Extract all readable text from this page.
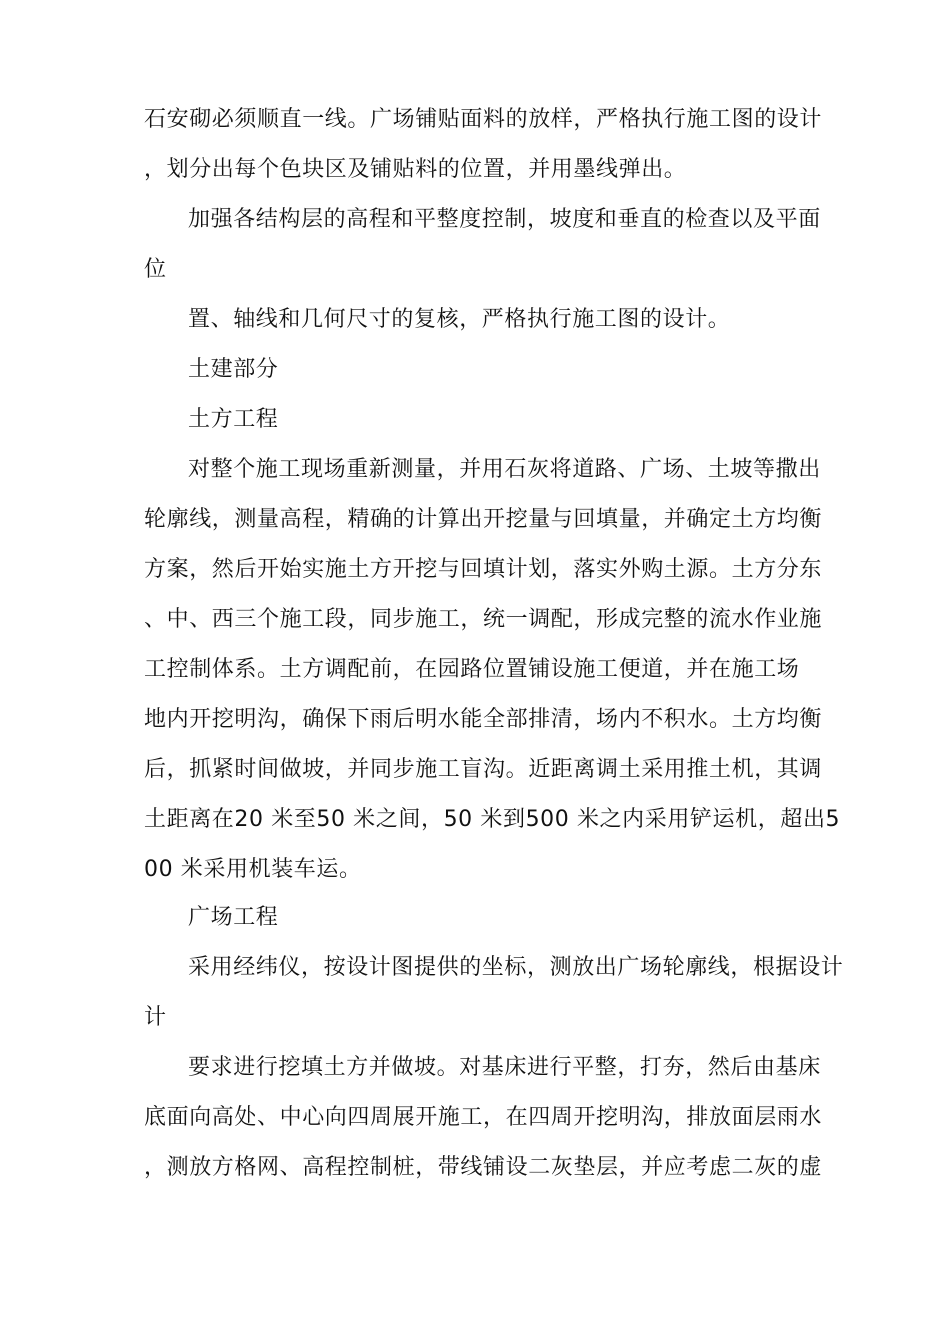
石安砌必须顺直一线。广场铺贴面料的放样，严格执行施工图的设计
，划分出每个色块区及铺贴料的位置，并用墨线弹出。
加强各结构层的高程和平整度控制，坡度和垂直的检查以及平面
位
置、轴线和几何尺寸的复核，严格执行施工图的设计。
土建部分
土方工程
对整个施工现场重新测量，并用石灰将道路、广场、土坡等撒出
轮廓线，测量高程，精确的计算出开挖量与回填量，并确定土方均衡
方案，然后开始实施土方开挖与回填计划，落实外购土源。土方分东
、中、西三个施工段，同步施工，统一调配，形成完整的流水作业施
工控制体系。土方调配前，在园路位置铺设施工便道，并在施工场
地内开挖明沟，确保下雨后明水能全部排清，场内不积水。土方均衡
后，抓紧时间做坡，并同步施工盲沟。近距离调土采用推土机，其调
土距离在20 米至50 米之间，50 米到500 米之内采用铲运机，超出5
00 米采用机装车运。
广场工程
采用经纬仪，按设计图提供的坐标，测放出广场轮廓线，根据设计
计
要求进行挖填土方并做坡。对基床进行平整，打夯，然后由基床
底面向高处、中心向四周展开施工，在四周开挖明沟，排放面层雨水
，测放方格网、高程控制桩，带线铺设二灰垫层，并应考虑二灰的虚
